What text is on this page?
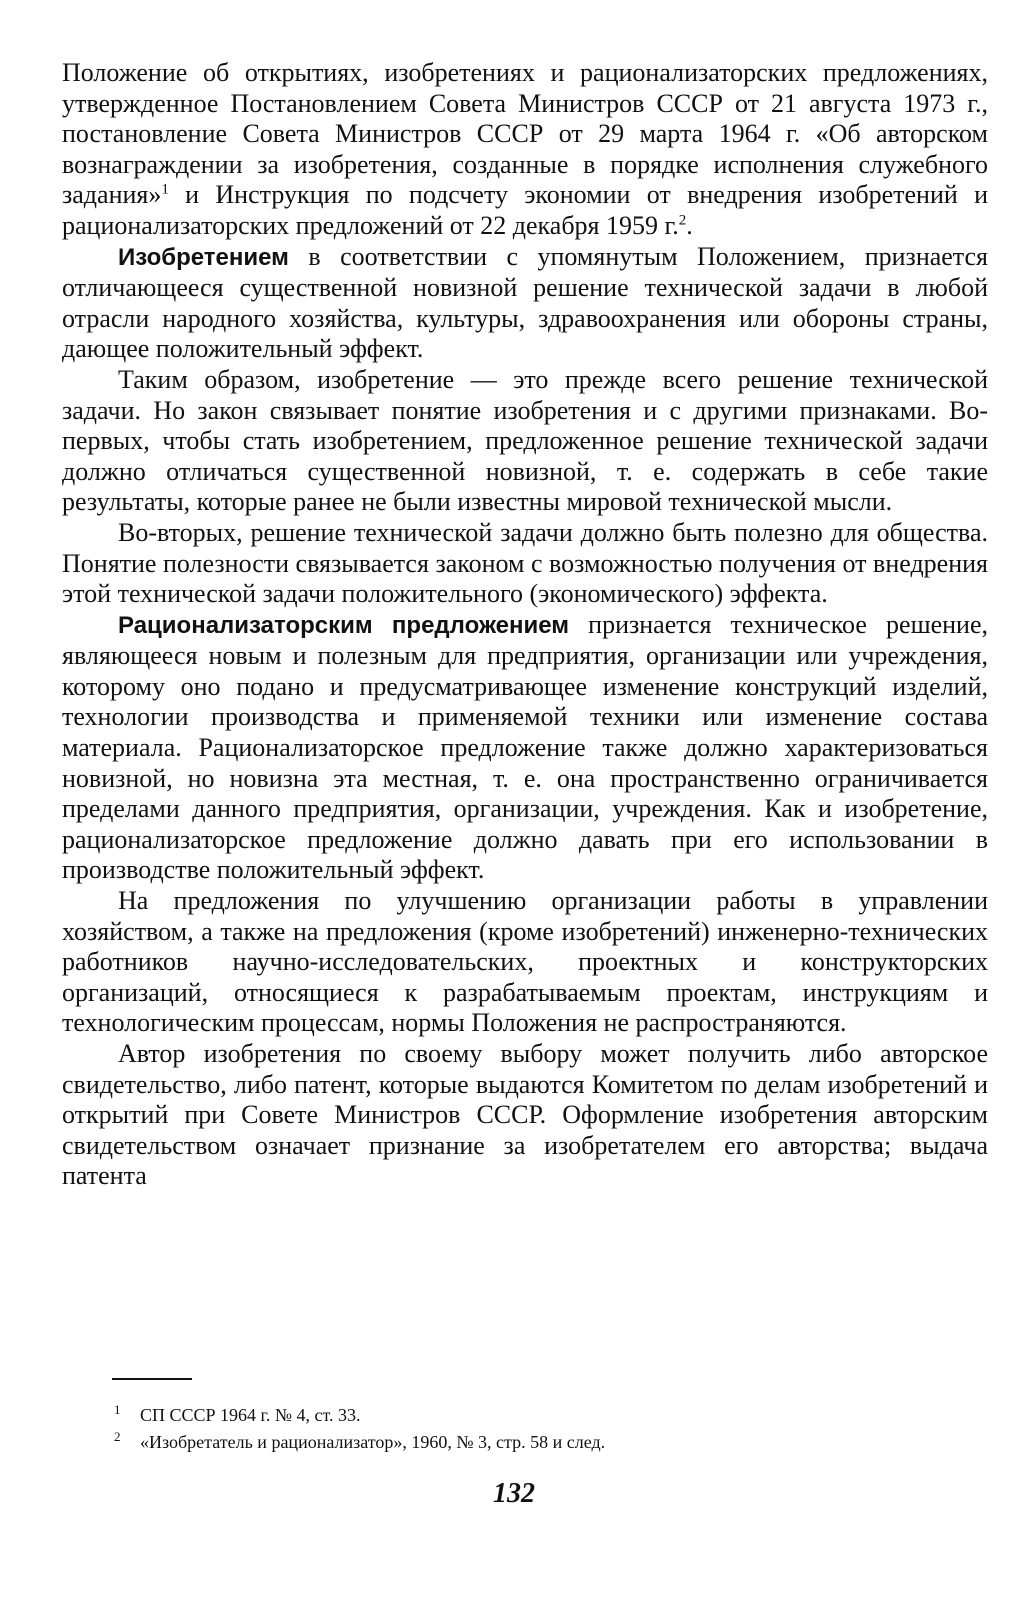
Положение об открытиях, изобретениях и рационализаторских предложениях, утвержденное Постановлением Совета Министров СССР от 21 августа 1973 г., постановление Совета Министров СССР от 29 марта 1964 г. «Об авторском вознаграждении за изобретения, созданные в порядке исполнения служебного задания»$^1$ и Инструкция по подсчету экономии от внедрения изобретений и рационализаторских предложений от 22 декабря 1959 г.$^2$.

Изобретением в соответствии с упомянутым Положением, признается отличающееся существенной новизной решение технической задачи в любой отрасли народного хозяйства, культуры, здравоохранения или обороны страны, дающее положительный эффект.

Таким образом, изобретение — это прежде всего решение технической задачи. Но закон связывает понятие изобретения и с другими признаками. Во-первых, чтобы стать изобретением, предложенное решение технической задачи должно отличаться существенной новизной, т. е. содержать в себе такие результаты, которые ранее не были известны мировой технической мысли.

Во-вторых, решение технической задачи должно быть полезно для общества. Понятие полезности связывается законом с возможностью получения от внедрения этой технической задачи положительного (экономического) эффекта.

Рационализаторским предложением признается техническое решение, являющееся новым и полезным для предприятия, организации или учреждения, которому оно подано и предусматривающее изменение конструкций изделий, технологии производства и применяемой техники или изменение состава материала. Рационализаторское предложение также должно характеризоваться новизной, но новизна эта местная, т. е. она пространственно ограничивается пределами данного предприятия, организации, учреждения. Как и изобретение, рационализаторское предложение должно давать при его использовании в производстве положительный эффект.

На предложения по улучшению организации работы в управлении хозяйством, а также на предложения (кроме изобретений) инженерно-технических работников научно-исследовательских, проектных и конструкторских организаций, относящиеся к разрабатываемым проектам, инструкциям и технологическим процессам, нормы Положения не распространяются.

Автор изобретения по своему выбору может получить либо авторское свидетельство, либо патент, которые выдаются Комитетом по делам изобретений и открытий при Совете Министров СССР. Оформление изобретения авторским свидетельством означает признание за изобретателем его авторства; выдача патента

1 СП СССР 1964 г. № 4, ст. 33.
2 «Изобретатель и рационализатор», 1960, № 3, стр. 58 и след.
132
